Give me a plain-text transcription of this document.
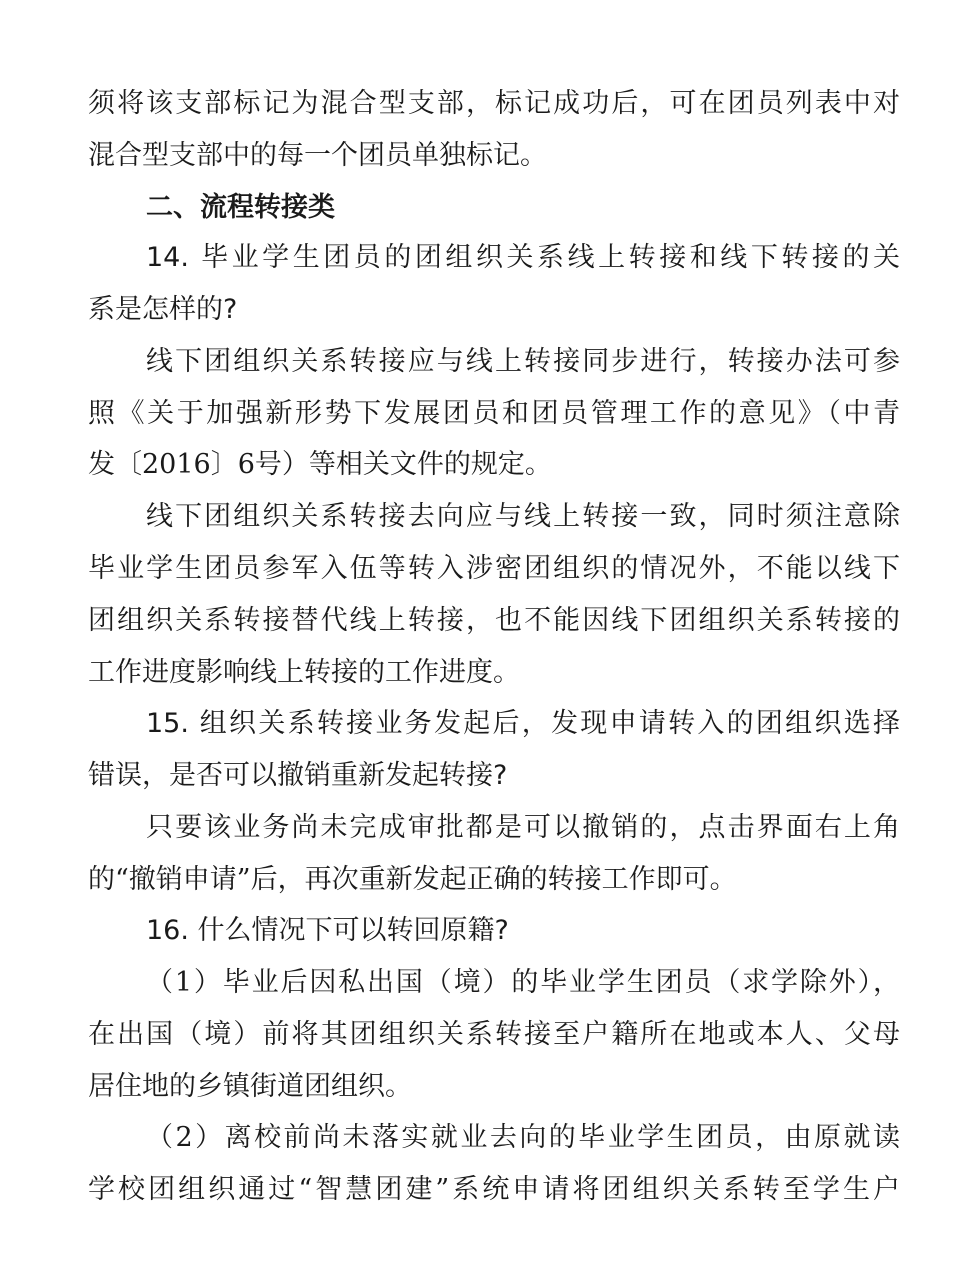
须将该支部标记为混合型支部，标记成功后，可在团员列表中对
混合型支部中的每一个团员单独标记。
二、流程转接类
14. 毕业学生团员的团组织关系线上转接和线下转接的关
系是怎样的?
线下团组织关系转接应与线上转接同步进行，转接办法可参
照《关于加强新形势下发展团员和团员管理工作的意见》（中青
发〔2016〕6号）等相关文件的规定。
线下团组织关系转接去向应与线上转接一致，同时须注意除
毕业学生团员参军入伍等转入涉密团组织的情况外，不能以线下
团组织关系转接替代线上转接，也不能因线下团组织关系转接的
工作进度影响线上转接的工作进度。
15. 组织关系转接业务发起后，发现申请转入的团组织选择
错误，是否可以撤销重新发起转接?
只要该业务尚未完成审批都是可以撤销的，点击界面右上角
的“撤销申请”后，再次重新发起正确的转接工作即可。
16. 什么情况下可以转回原籍?
（1）毕业后因私出国（境）的毕业学生团员（求学除外），
在出国（境）前将其团组织关系转接至户籍所在地或本人、父母
居住地的乡镇街道团组织。
（2）离校前尚未落实就业去向的毕业学生团员，由原就读
学校团组织通过“智慧团建”系统申请将团组织关系转至学生户
